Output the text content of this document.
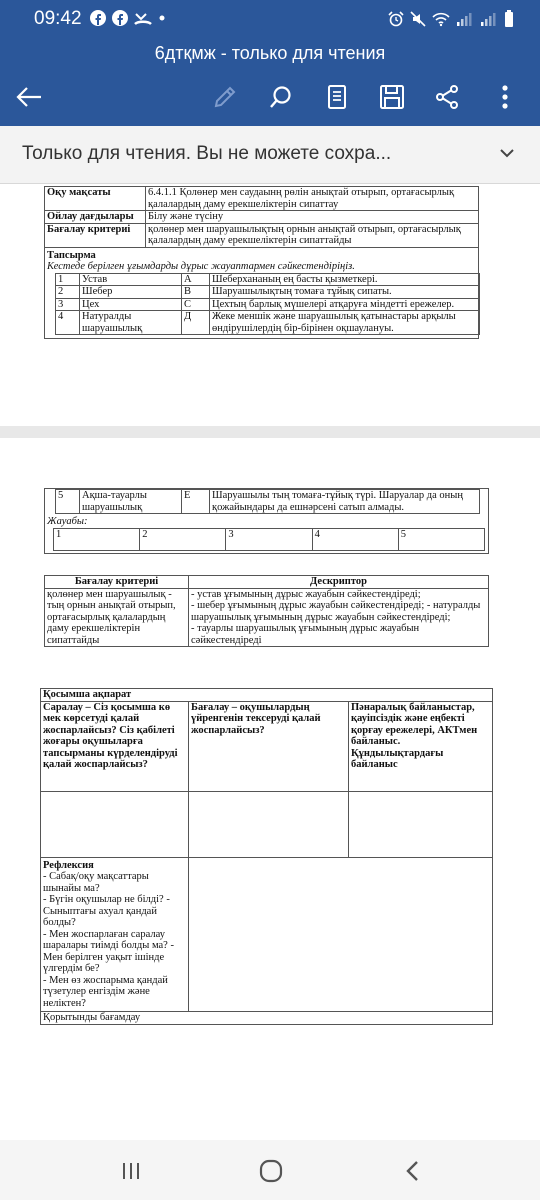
09:42
6дтқмж - только для чтения
Только для чтения. Вы не можете сохра...
Оқу мақсаты	6.4.1.1 Қолөнер мен саудаынң рөлін анықтай отырып, ортағасырлық қалалардың даму ерекшеліктерін сипаттау
Ойлау дағдылары	Білу және түсіну
Бағалау критериі	қолөнер мен шаруашылықтың орнын анықтай отырып, ортағасырлық қалалардың даму ерекшеліктерін сипаттайды

Тапсырма
Кестеде берілген ұғымдарды дұрыс жауаптармен сәйкестендіріңіз.
1	Устав	А	Шеберхананың ең басты қызметкері.
2	Шебер	В	Шаруашылықтың томаға тұйық сипаты.
3	Цех	С	Цехтың барлық мүшелері атқаруға міндетті ережелер.
4	Натуралды шаруашылық	Д	Жеке меншік және шаруашылық қатынастары арқылы өндірушілердің бір-бірінен оқшаулануы.
5	Ақша-тауарлы шаруашылық	Е	Шаруашылы тың томаға-тұйық түрі. Шаруалар да оның қожайындары да ешнәрсені сатып алмады.
Жауабы:
1	2	3	4	5
Бағалау критериі	Дескриптор
қолөнер мен шаруашылық - тың орнын анықтай отырып, ортағасырлық қалалардың даму ерекшеліктерін сипаттайды	- устав ұғымының дұрыс жауабын сәйкестендіреді;
- шебер ұғымының дұрыс жауабын сәйкестендіреді; - натуралды шаруашылық ұғымының дұрыс жауабын сәйкестендіреді;
- тауарлы шаруашылық ұғымының дұрыс жауабын сәйкестендіреді
Қосымша ақпарат		
Саралау – Сіз қосымша кө мек көрсетуді қалай жоспарлайсыз? Сіз қабілеті жоғары оқушыларға тапсырманы күрделендіруді қалай жоспарлайсыз?	Бағалау – оқушылардың үйренгенін тексеруді қалай жоспарлайсыз?	Пәнаралық байланыстар, қауіпсіздік және еңбекті қорғау ережелері, АКТмен байланыс. Құндылықтардағы байланыс

Рефлексия
- Сабақ/оқу мақсаттары шынайы ма?
- Бүгін оқушылар не білді? - Сыныптағы ахуал қандай болды?
- Мен жоспарлаған саралау шаралары тиімді болды ма? - Мен берілген уақыт ішінде үлгердім бе?
- Мен өз жоспарыма қандай түзетулер енгіздім және неліктен?		

Қорытынды бағамдау		
